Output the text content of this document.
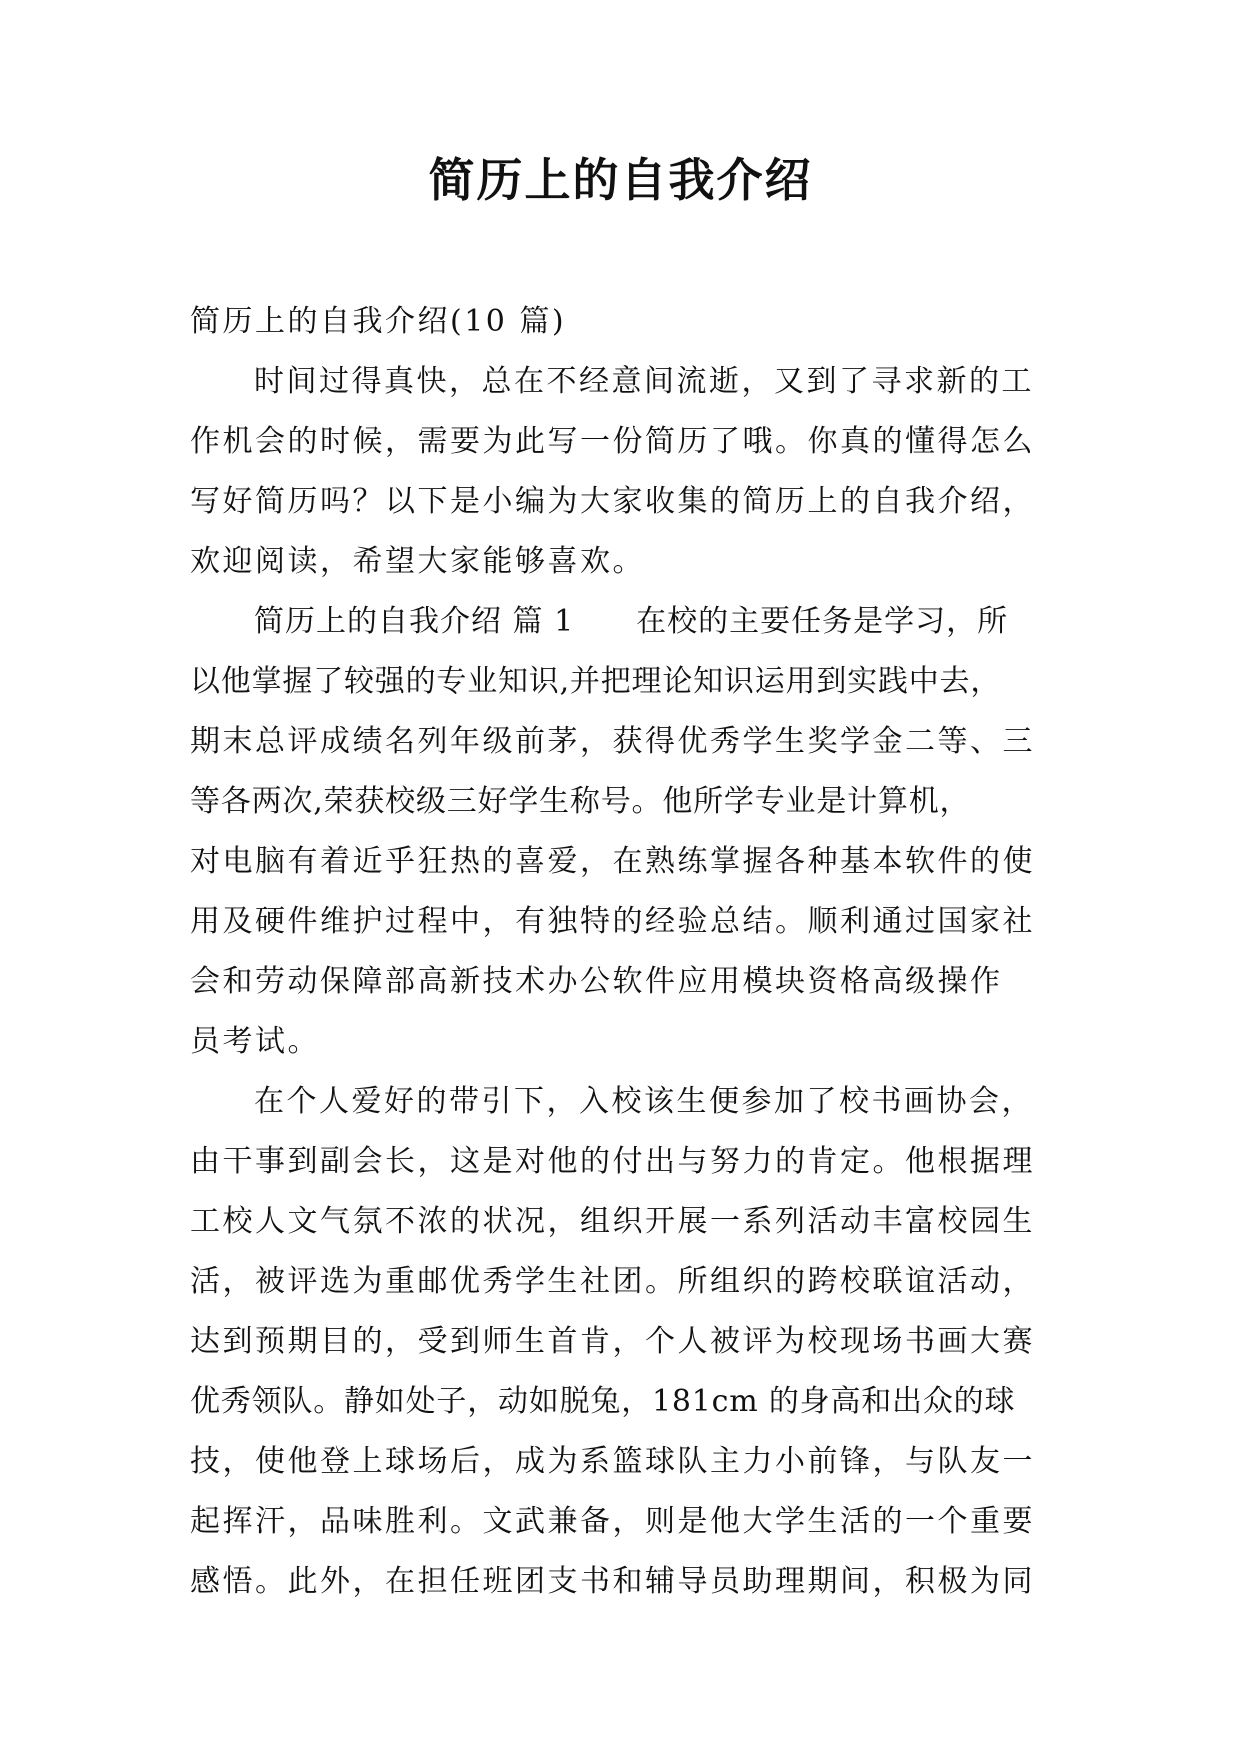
简历上的自我介绍
简历上的自我介绍(10 篇)
时间过得真快，总在不经意间流逝，又到了寻求新的工
作机会的时候，需要为此写一份简历了哦。你真的懂得怎么
写好简历吗？以下是小编为大家收集的简历上的自我介绍，
欢迎阅读，希望大家能够喜欢。
简历上的自我介绍 篇 1 在校的主要任务是学习，所
以他掌握了较强的专业知识,并把理论知识运用到实践中去，
期末总评成绩名列年级前茅，获得优秀学生奖学金二等、三
等各两次,荣获校级三好学生称号。他所学专业是计算机，
对电脑有着近乎狂热的喜爱，在熟练掌握各种基本软件的使
用及硬件维护过程中，有独特的经验总结。顺利通过国家社
会和劳动保障部高新技术办公软件应用模块资格高级操作
员考试。
在个人爱好的带引下，入校该生便参加了校书画协会，
由干事到副会长，这是对他的付出与努力的肯定。他根据理
工校人文气氛不浓的状况，组织开展一系列活动丰富校园生
活，被评选为重邮优秀学生社团。所组织的跨校联谊活动，
达到预期目的，受到师生首肯，个人被评为校现场书画大赛
优秀领队。静如处子，动如脱兔，181cm 的身高和出众的球
技，使他登上球场后，成为系篮球队主力小前锋，与队友一
起挥汗，品味胜利。文武兼备，则是他大学生活的一个重要
感悟。此外，在担任班团支书和辅导员助理期间，积极为同
